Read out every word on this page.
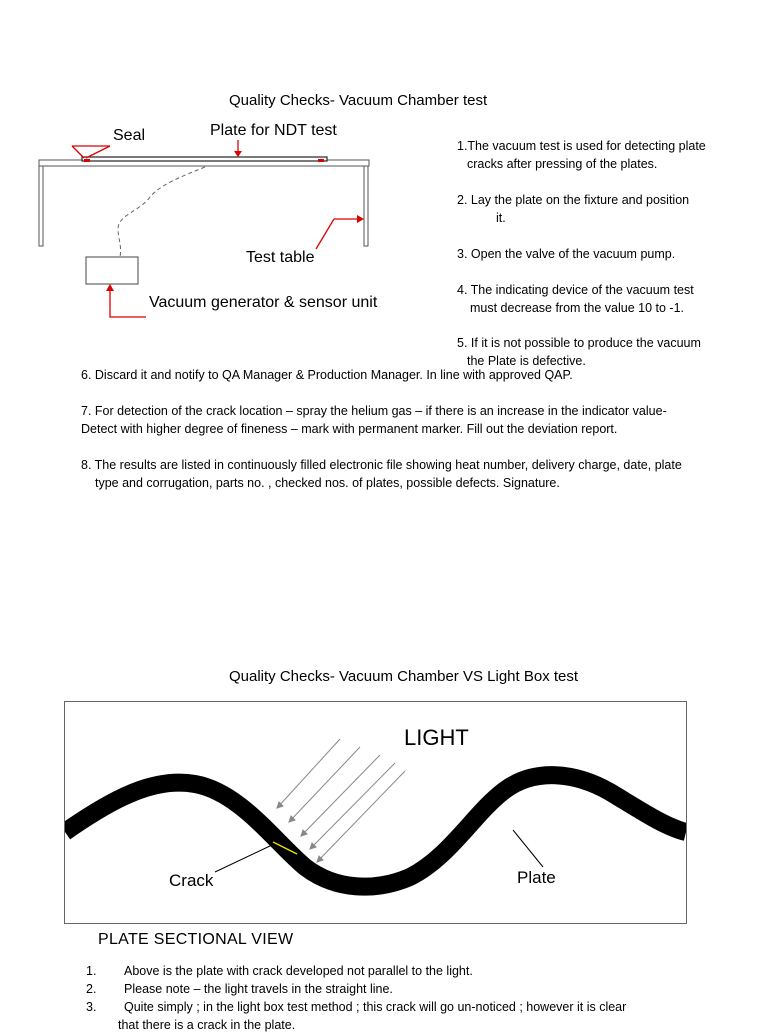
Quality Checks- Vacuum Chamber test
Seal	Plate for NDT test
Test table
Vacuum generator & sensor unit
1.The vacuum test is used for detecting plate
cracks after pressing of the plates.
2. Lay the plate on the fixture and position
it.
3. Open the valve of the vacuum pump.
4. The indicating device of the vacuum test
must decrease from the value 10 to -1.
5. If it is not possible to produce the vacuum
the Plate is defective.
6. Discard it and notify to QA Manager & Production Manager. In line with approved QAP.
7. For detection of the crack location – spray the helium gas – if there is an increase in the indicator value-
Detect with higher degree of fineness – mark with permanent marker. Fill out the deviation report.
8. The results are listed in continuously filled electronic file showing heat number, delivery charge, date, plate
type and corrugation, parts no. , checked nos. of plates, possible defects. Signature.
Quality Checks- Vacuum Chamber VS Light Box test
LIGHT
Crack	Plate
PLATE SECTIONAL VIEW
1. Above is the plate with crack developed not parallel to the light.
2. Please note – the light travels in the straight line.
3. Quite simply ; in the light box test method ; this crack will go un-noticed ; however it is clear
that there is a crack in the plate.
